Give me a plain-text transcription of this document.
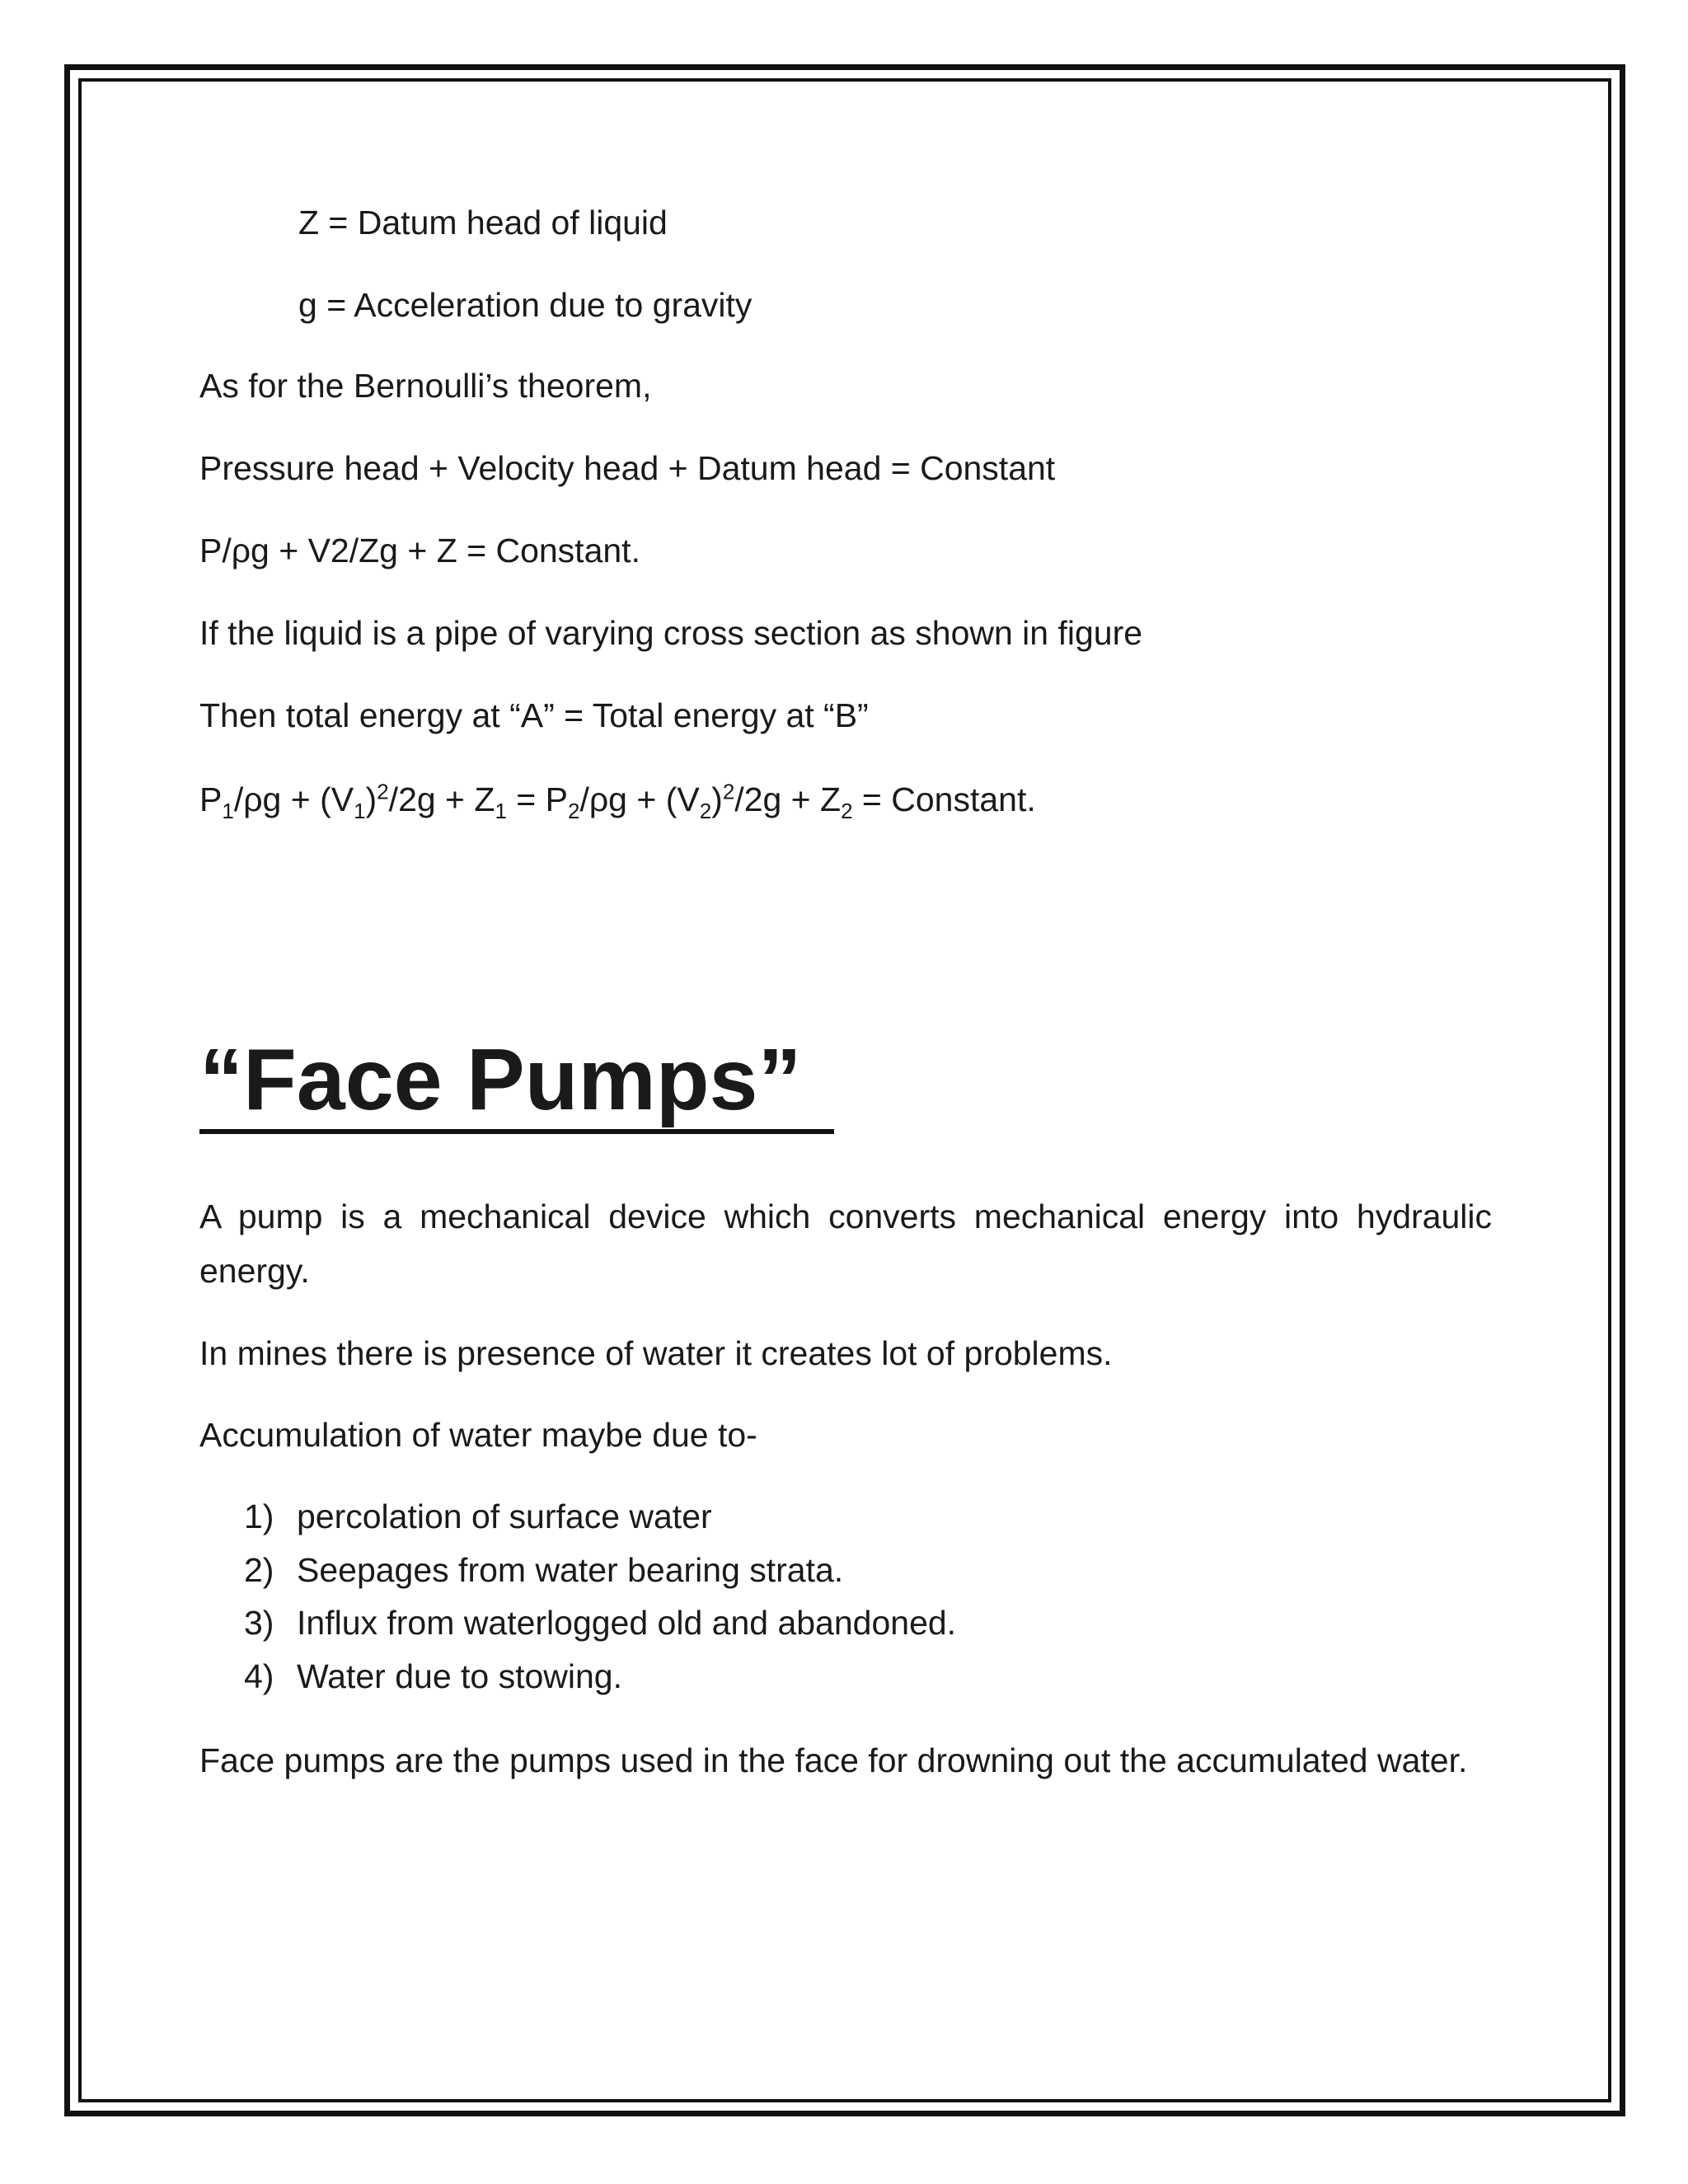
Z = Datum head of liquid
g = Acceleration due to gravity
As for the Bernoulli’s theorem,
Pressure head + Velocity head + Datum head = Constant
P/ρg + V2/Zg + Z = Constant.
If the liquid is a pipe of varying cross section as shown in figure
Then total energy at “A” = Total energy at “B”
$P_1/\rho g + (V_1)^2/2g + Z_1 = P_2/\rho g + (V_2)^2/2g + Z_2$ = Constant.
“Face Pumps”
A pump is a mechanical device which converts mechanical energy into hydraulic energy.
In mines there is presence of water it creates lot of problems.
Accumulation of water maybe due to-
1) percolation of surface water
2) Seepages from water bearing strata.
3) Influx from waterlogged old and abandoned.
4) Water due to stowing.
Face pumps are the pumps used in the face for drowning out the accumulated water.
